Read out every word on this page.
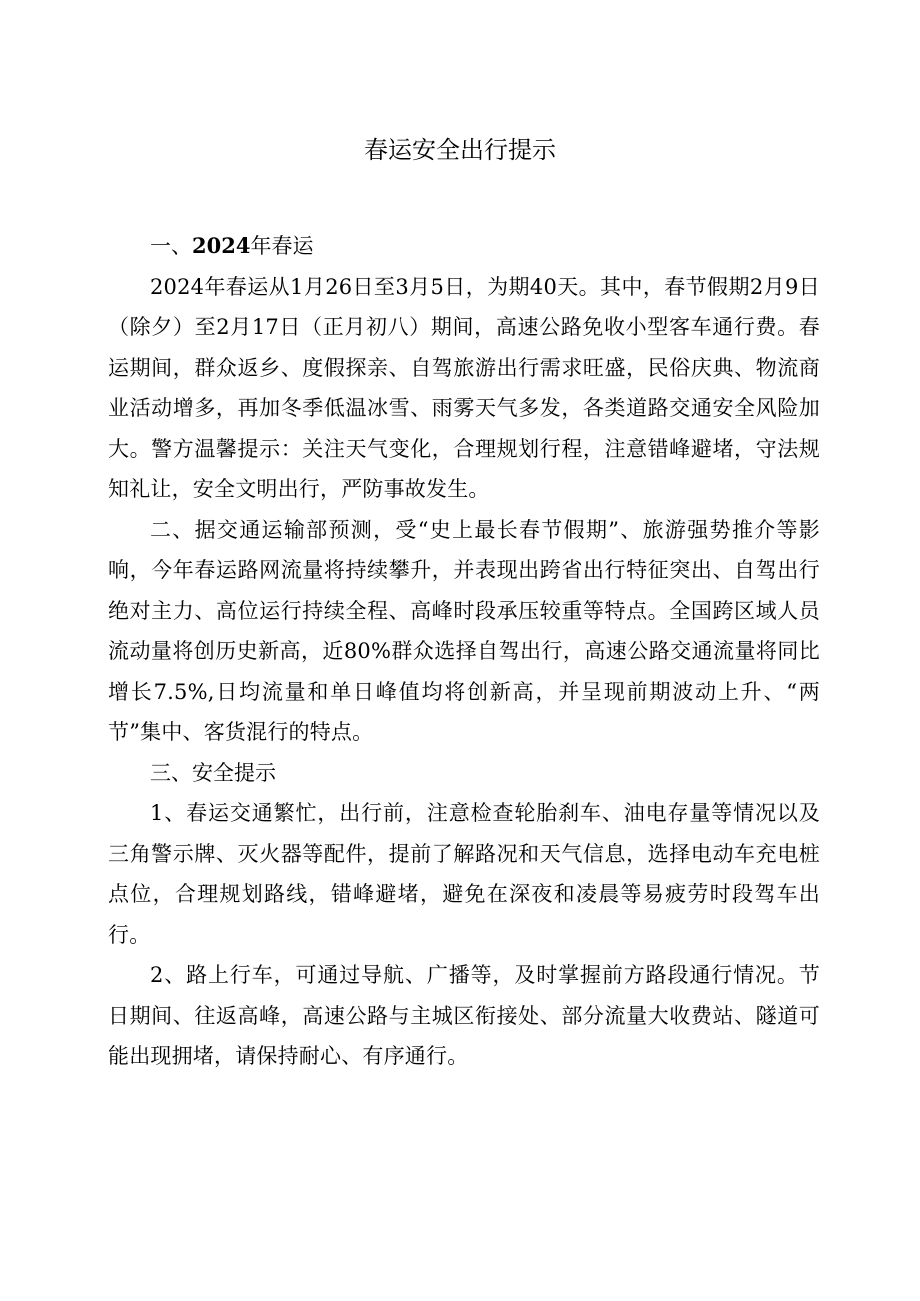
春运安全出行提示

一、2024年春运

2024年春运从1月26日至3月5日，为期40天。其中，春节假期2月9日（除夕）至2月17日（正月初八）期间，高速公路免收小型客车通行费。春运期间，群众返乡、度假探亲、自驾旅游出行需求旺盛，民俗庆典、物流商业活动增多，再加冬季低温冰雪、雨雾天气多发，各类道路交通安全风险加大。警方温馨提示：关注天气变化，合理规划行程，注意错峰避堵，守法规知礼让，安全文明出行，严防事故发生。

二、据交通运输部预测，受“史上最长春节假期”、旅游强势推介等影响，今年春运路网流量将持续攀升，并表现出跨省出行特征突出、自驾出行绝对主力、高位运行持续全程、高峰时段承压较重等特点。全国跨区域人员流动量将创历史新高，近80%群众选择自驾出行，高速公路交通流量将同比增长7.5%,日均流量和单日峰值均将创新高，并呈现前期波动上升、“两节”集中、客货混行的特点。

三、安全提示

1、春运交通繁忙，出行前，注意检查轮胎刹车、油电存量等情况以及三角警示牌、灭火器等配件，提前了解路况和天气信息，选择电动车充电桩点位，合理规划路线，错峰避堵，避免在深夜和凌晨等易疲劳时段驾车出行。

2、路上行车，可通过导航、广播等，及时掌握前方路段通行情况。节日期间、往返高峰，高速公路与主城区衔接处、部分流量大收费站、隧道可能出现拥堵，请保持耐心、有序通行。
